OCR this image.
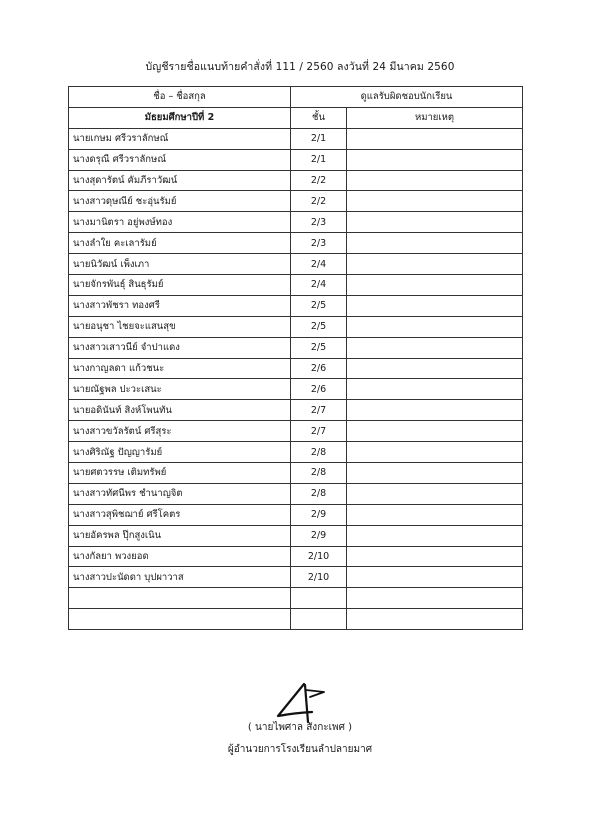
บัญชีรายชื่อแนบท้ายคำสั่งที่ 111 / 2560 ลงวันที่ 24 มีนาคม 2560
ชื่อ – ชื่อสกุล	ดูแลรับผิดชอบนักเรียน	
มัธยมศึกษาปีที่ 2	ชั้น	หมายเหตุ
นายเกษม ศรีวราลักษณ์	2/1	
นางดรุณี ศรีวราลักษณ์	2/1	
นางสุดารัตน์ คัมภีราวัฒน์	2/2	
นางสาวดุษณีย์ ชะอุ่นรัมย์	2/2	
นางมานิตรา อยู่พงษ์ทอง	2/3	
นางลำใย คะเลารัมย์	2/3	
นายนิวัฒน์ เพ็งเภา	2/4	
นายจักรพันธุ์ สินธุรัมย์	2/4	
นางสาวพัชรา ทองศรี	2/5	
นายอนุชา ไชยจะแสนสุข	2/5	
นางสาวเสาวนีย์ จำปาแดง	2/5	
นางกาญลดา แก้วชนะ	2/6	
นายณัฐพล ปะวะเสนะ	2/6	
นายอดินันท์ สิงห์โพนทัน	2/7	
นางสาวขวัลรัตน์ ศรีสุระ	2/7	
นางศิริณัฐ ปัญญารัมย์	2/8	
นายศตวรรษ เติมทรัพย์	2/8	
นางสาวทัศนีพร ชำนาญจิต	2/8	
นางสาวสุพิชฌาย์ ศรีโคตร	2/9	
นายอัครพล ปุ๊กสูงเนิน	2/9	
นางกัลยา พวงยอด	2/10	
นางสาวปะนัดดา บุปผาวาส	2/10	

( นายไพศาล สังกะเพศ )
ผู้อำนวยการโรงเรียนลำปลายมาศ
